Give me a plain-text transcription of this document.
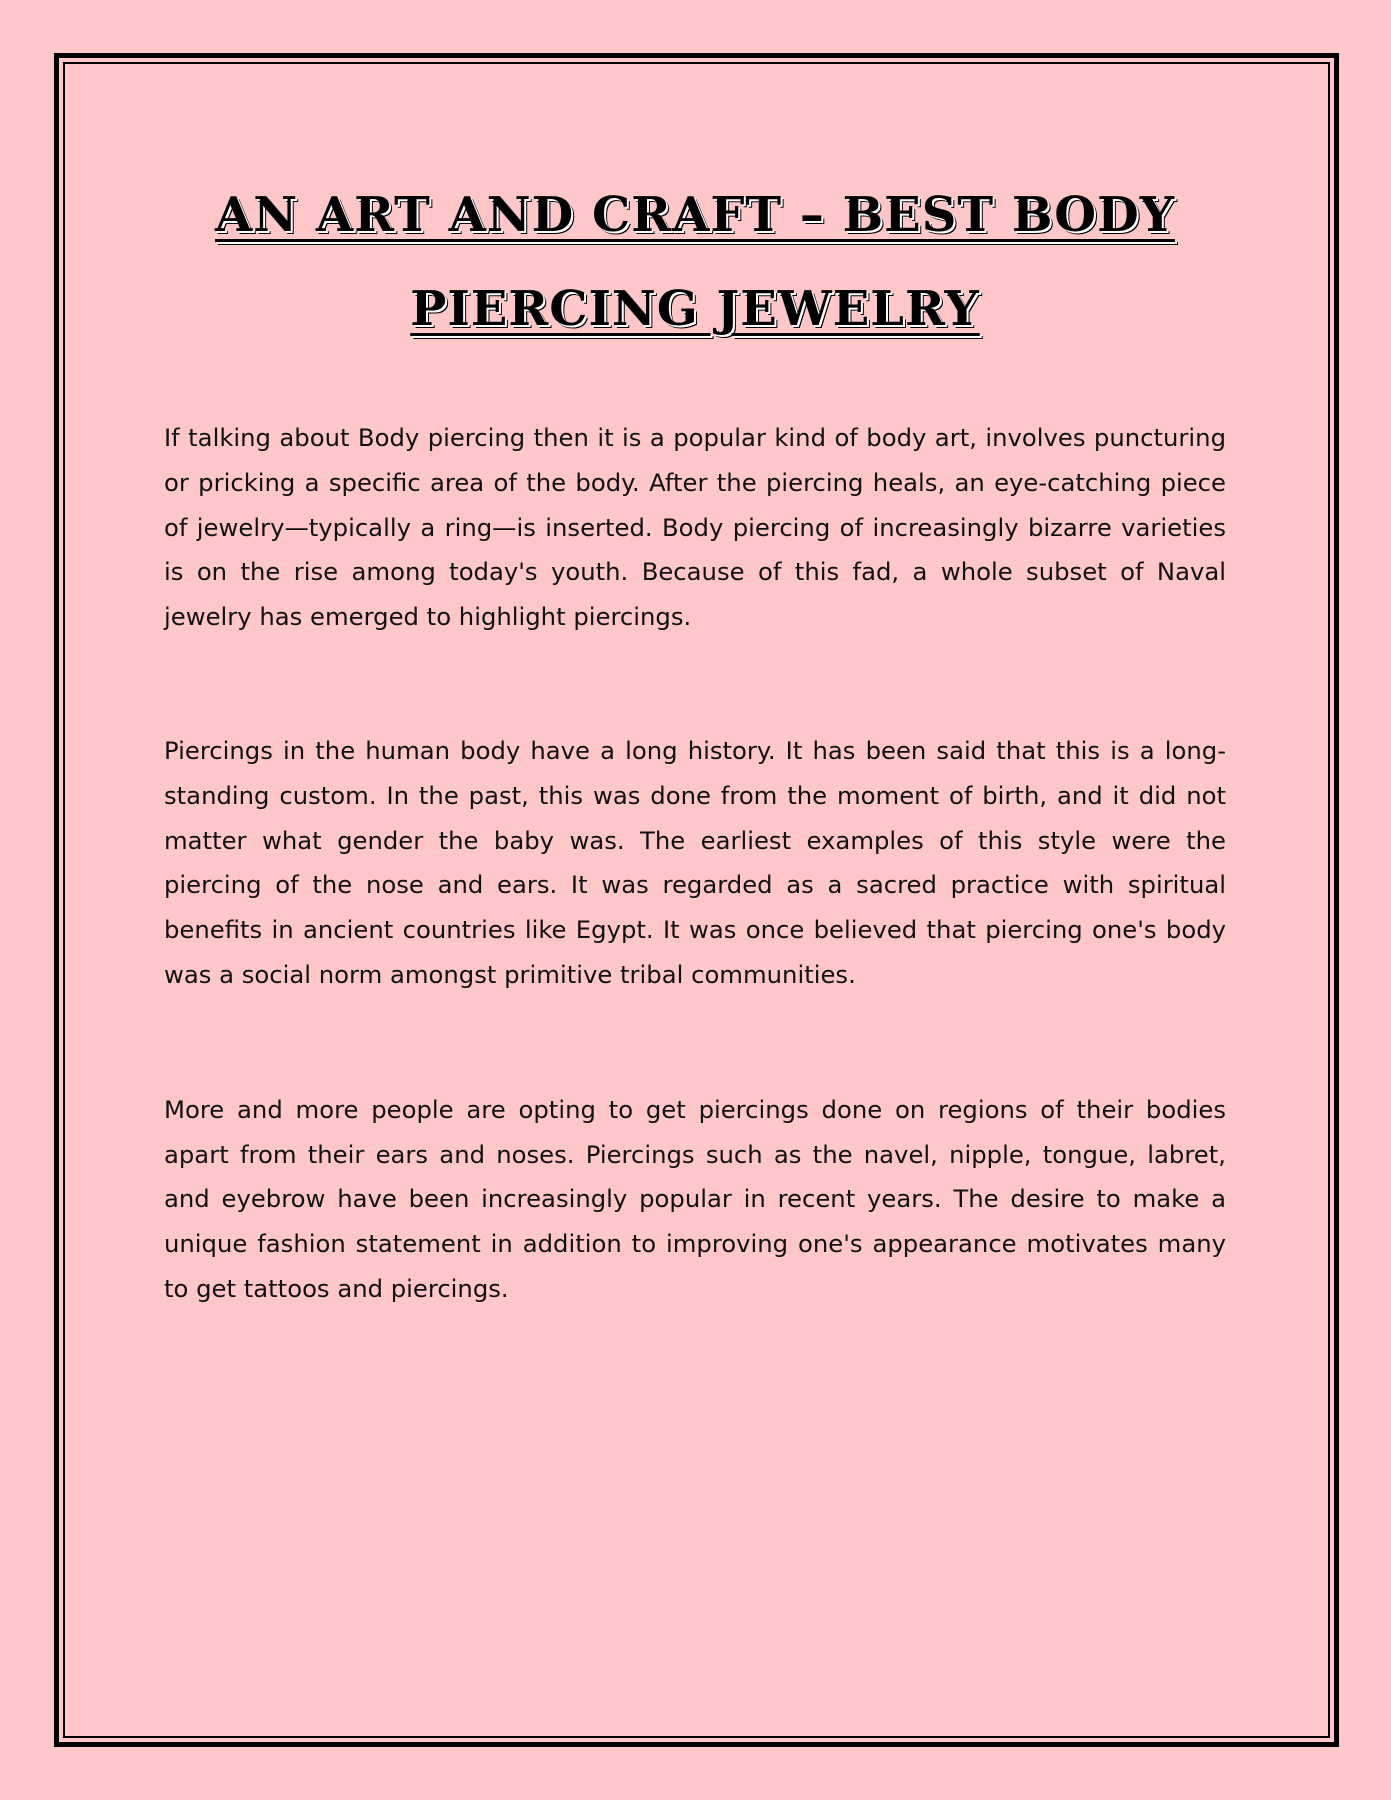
AN ART AND CRAFT – BEST BODY PIERCING JEWELRY

If talking about Body piercing then it is a popular kind of body art, involves puncturing or pricking a specific area of the body. After the piercing heals, an eye-catching piece of jewelry—typically a ring—is inserted. Body piercing of increasingly bizarre varieties is on the rise among today's youth. Because of this fad, a whole subset of Naval jewelry has emerged to highlight piercings.

Piercings in the human body have a long history. It has been said that this is a long-standing custom. In the past, this was done from the moment of birth, and it did not matter what gender the baby was. The earliest examples of this style were the piercing of the nose and ears. It was regarded as a sacred practice with spiritual benefits in ancient countries like Egypt. It was once believed that piercing one's body was a social norm amongst primitive tribal communities.

More and more people are opting to get piercings done on regions of their bodies apart from their ears and noses. Piercings such as the navel, nipple, tongue, labret, and eyebrow have been increasingly popular in recent years. The desire to make a unique fashion statement in addition to improving one's appearance motivates many to get tattoos and piercings.
